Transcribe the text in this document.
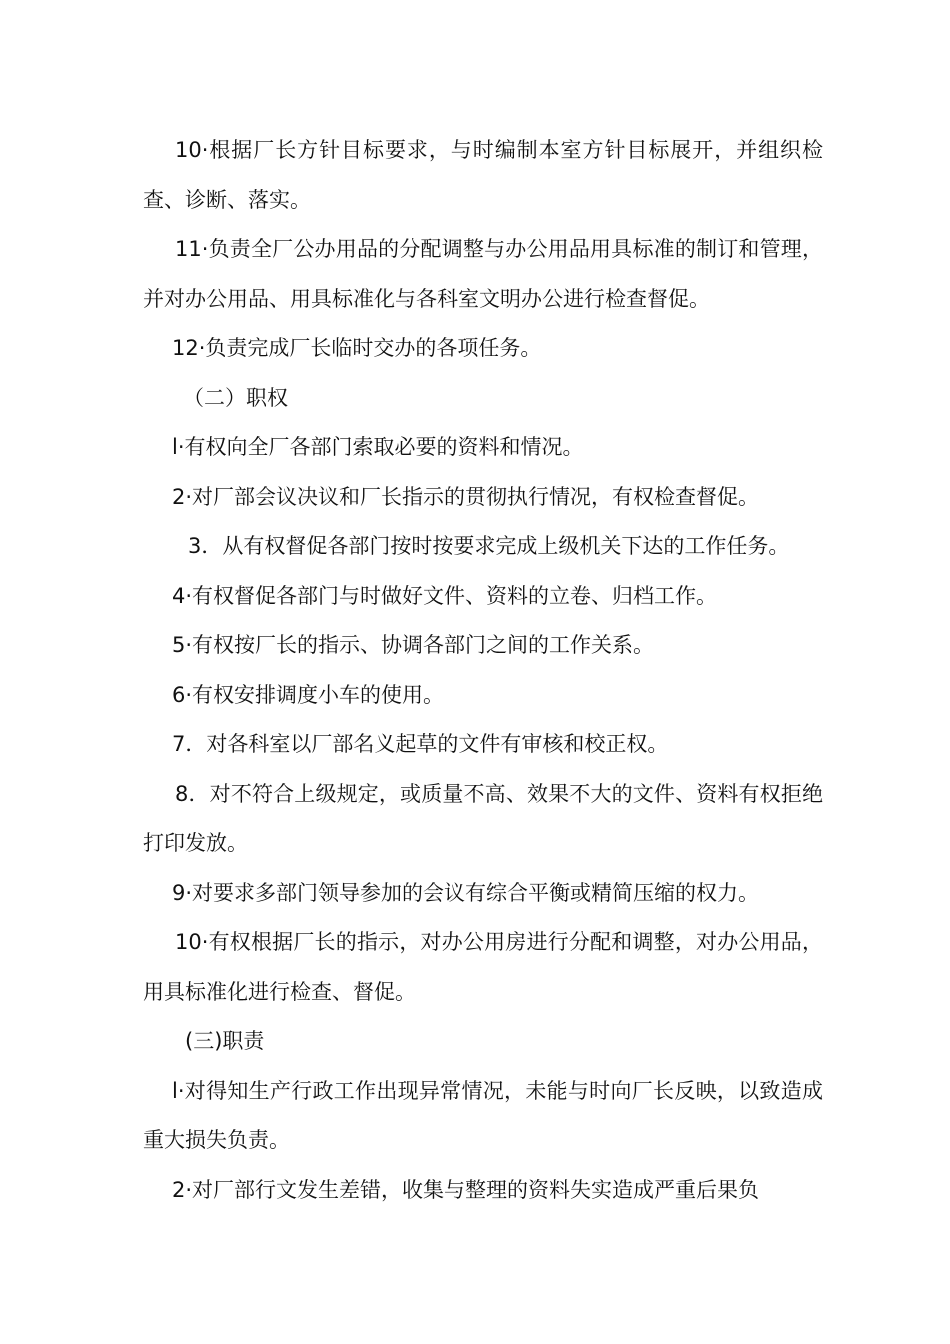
10·根据厂长方针目标要求，与时编制本室方针目标展开，并组织检查、诊断、落实。

11·负责全厂公办用品的分配调整与办公用品用具标准的制订和管理，并对办公用品、用具标准化与各科室文明办公进行检查督促。

12·负责完成厂长临时交办的各项任务。

（二）职权

l·有权向全厂各部门索取必要的资料和情况。

2·对厂部会议决议和厂长指示的贯彻执行情况，有权检查督促。

3．从有权督促各部门按时按要求完成上级机关下达的工作任务。

4·有权督促各部门与时做好文件、资料的立卷、归档工作。

5·有权按厂长的指示、协调各部门之间的工作关系。

6·有权安排调度小车的使用。

7．对各科室以厂部名义起草的文件有审核和校正权。

8．对不符合上级规定，或质量不高、效果不大的文件、资料有权拒绝打印发放。

9·对要求多部门领导参加的会议有综合平衡或精简压缩的权力。

10·有权根据厂长的指示，对办公用房进行分配和调整，对办公用品，用具标准化进行检查、督促。

(三)职责

l·对得知生产行政工作出现异常情况，未能与时向厂长反映，以致造成重大损失负责。

2·对厂部行文发生差错，收集与整理的资料失实造成严重后果负
